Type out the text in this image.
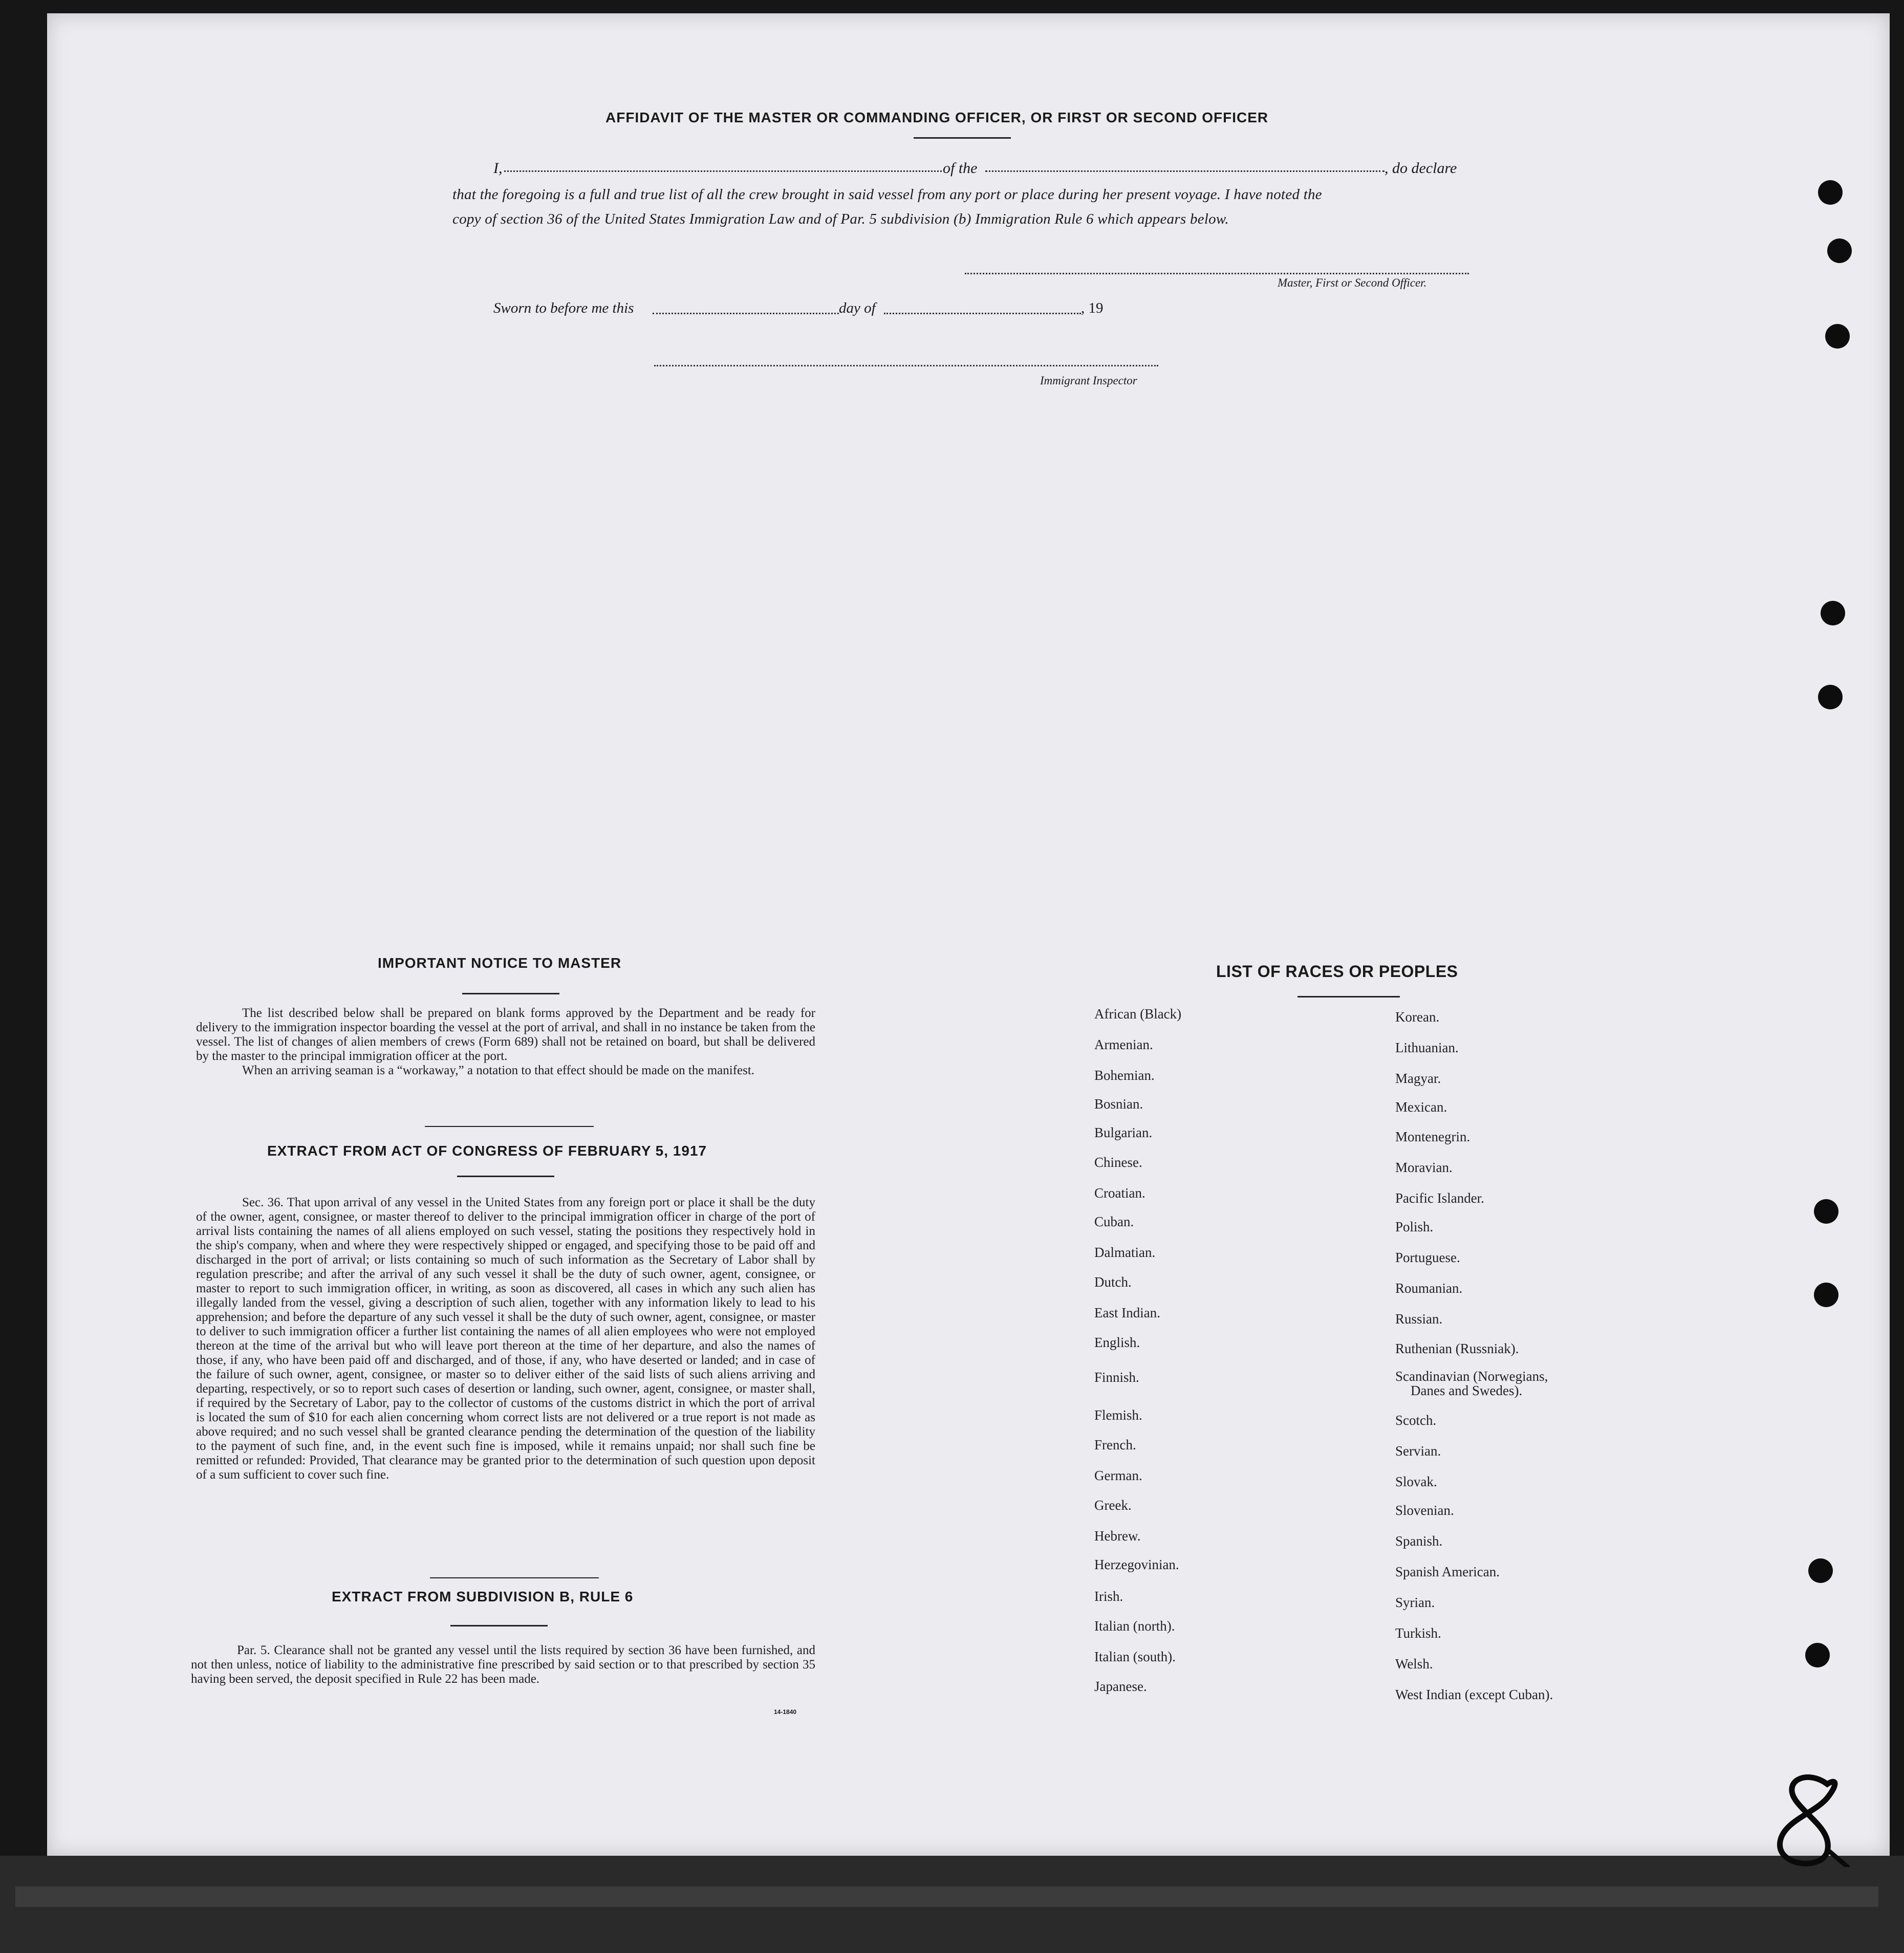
AFFIDAVIT OF THE MASTER OR COMMANDING OFFICER, OR FIRST OR SECOND OFFICER
I,	of the	, do declare
that the foregoing is a full and true list of all the crew brought in said vessel from any port or place during her present voyage. I have noted the
copy of section 36 of the United States Immigration Law and of Par. 5 subdivision (b) Immigration Rule 6 which appears below.
Master, First or Second Officer.
Sworn to before me this	day of	, 19
Immigrant Inspector
IMPORTANT NOTICE TO MASTER

The list described below shall be prepared on blank forms approved by the Department and be ready for delivery to the immigration inspector boarding the vessel at the port of arrival, and shall in no instance be taken from the vessel. The list of changes of alien members of crews (Form 689) shall not be retained on board, but shall be delivered by the master to the principal immigration officer at the port.

When an arriving seaman is a “workaway,” a notation to that effect should be made on the manifest.

EXTRACT FROM ACT OF CONGRESS OF FEBRUARY 5, 1917

Sec. 36. That upon arrival of any vessel in the United States from any foreign port or place it shall be the duty of the owner, agent, consignee, or master thereof to deliver to the principal immigration officer in charge of the port of arrival lists containing the names of all aliens employed on such vessel, stating the positions they respectively hold in the ship's company, when and where they were respectively shipped or engaged, and specifying those to be paid off and discharged in the port of arrival; or lists containing so much of such information as the Secretary of Labor shall by regulation prescribe; and after the arrival of any such vessel it shall be the duty of such owner, agent, consignee, or master to report to such immigration officer, in writing, as soon as discovered, all cases in which any such alien has illegally landed from the vessel, giving a description of such alien, together with any information likely to lead to his apprehension; and before the departure of any such vessel it shall be the duty of such owner, agent, consignee, or master to deliver to such immigration officer a further list containing the names of all alien employees who were not employed thereon at the time of the arrival but who will leave port thereon at the time of her departure, and also the names of those, if any, who have been paid off and discharged, and of those, if any, who have deserted or landed; and in case of the failure of such owner, agent, consignee, or master so to deliver either of the said lists of such aliens arriving and departing, respectively, or so to report such cases of desertion or landing, such owner, agent, consignee, or master shall, if required by the Secretary of Labor, pay to the collector of customs of the customs district in which the port of arrival is located the sum of $10 for each alien concerning whom correct lists are not delivered or a true report is not made as above required; and no such vessel shall be granted clearance pending the determination of the question of the liability to the payment of such fine, and, in the event such fine is imposed, while it remains unpaid; nor shall such fine be remitted or refunded: Provided, That clearance may be granted prior to the determination of such question upon deposit of a sum sufficient to cover such fine.

EXTRACT FROM SUBDIVISION B, RULE 6

Par. 5. Clearance shall not be granted any vessel until the lists required by section 36 have been furnished, and not then unless, notice of liability to the administrative fine prescribed by said section or to that prescribed by section 35 having been served, the deposit specified in Rule 22 has been made.

14-1840
LIST OF RACES OR PEOPLES
African (Black)
Armenian.
Bohemian.
Bosnian.
Bulgarian.
Chinese.
Croatian.
Cuban.
Dalmatian.
Dutch.
East Indian.
English.
Finnish.
Flemish.
French.
German.
Greek.
Hebrew.
Herzegovinian.
Irish.
Italian (north).
Italian (south).
Japanese.
Korean.
Lithuanian.
Magyar.
Mexican.
Montenegrin.
Moravian.
Pacific Islander.
Polish.
Portuguese.
Roumanian.
Russian.
Ruthenian (Russniak).
Scandinavian (Norwegians,
Scotch.
Servian.
Slovak.
Slovenian.
Spanish.
Spanish American.
Syrian.
Turkish.
Welsh.
West Indian (except Cuban).
Danes and Swedes).
